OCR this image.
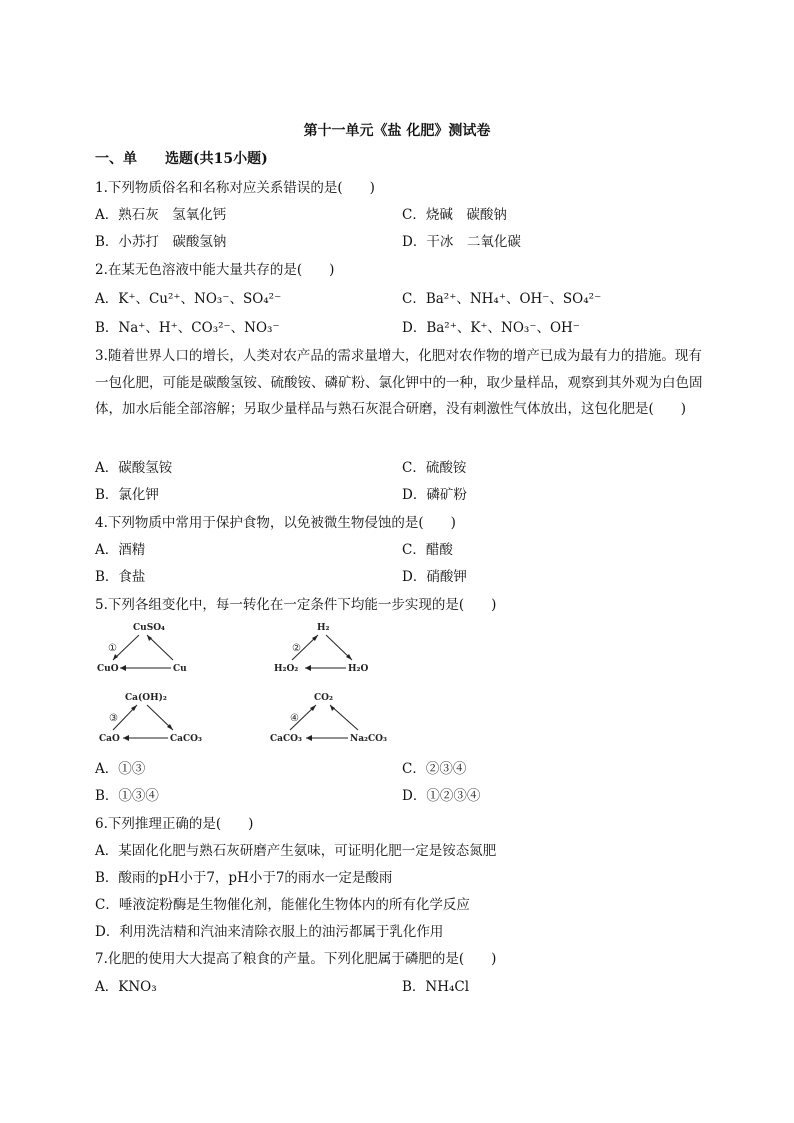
第十一单元《盐 化肥》测试卷
一、单　　选题(共15小题)
1.下列物质俗名和名称对应关系错误的是(　　)
A．熟石灰　氢氧化钙	C．烧碱　碳酸钠
B．小苏打　碳酸氢钠	D．干冰　二氧化碳
2.在某无色溶液中能大量共存的是(　　)
A．K⁺、Cu²⁺、NO₃⁻、SO₄²⁻	C．Ba²⁺、NH₄⁺、OH⁻、SO₄²⁻
B．Na⁺、H⁺、CO₃²⁻、NO₃⁻	D．Ba²⁺、K⁺、NO₃⁻、OH⁻
3.随着世界人口的增长，人类对农产品的需求量增大，化肥对农作物的增产已成为最有力的措施。现有一包化肥，可能是碳酸氢铵、硫酸铵、磷矿粉、氯化钾中的一种，取少量样品，观察到其外观为白色固体，加水后能全部溶解；另取少量样品与熟石灰混合研磨，没有刺激性气体放出，这包化肥是(　　)
A．碳酸氢铵	C．硫酸铵
B．氯化钾	D．磷矿粉
4.下列物质中常用于保护食物，以免被微生物侵蚀的是(　　)
A．酒精	C．醋酸
B．食盐	D．硝酸钾
5.下列各组变化中，每一转化在一定条件下均能一步实现的是(　　)
CuSO₄
①
CuO	Cu
H₂
②
H₂O₂	H₂O
Ca(OH)₂
③
CaO	CaCO₃
CO₂
④
CaCO₃	Na₂CO₃
A．①③	C．②③④
B．①③④	D．①②③④
6.下列推理正确的是(　　)
A．某固化化肥与熟石灰研磨产生氨味，可证明化肥一定是铵态氮肥
B．酸雨的pH小于7，pH小于7的雨水一定是酸雨
C．唾液淀粉酶是生物催化剂，能催化生物体内的所有化学反应
D．利用洗洁精和汽油来清除衣服上的油污都属于乳化作用
7.化肥的使用大大提高了粮食的产量。下列化肥属于磷肥的是(　　)
A．KNO₃	B．NH₄Cl
